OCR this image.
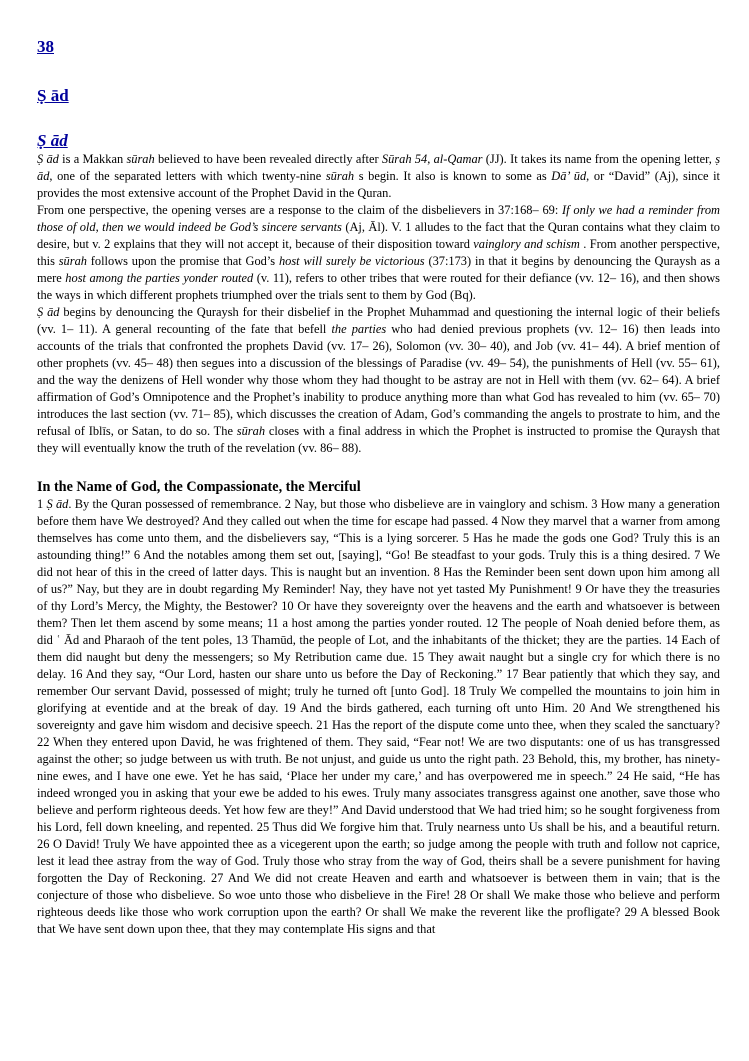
38
Ṣ ād
Ṣ ād

Ṣ ād is a Makkan sūrah believed to have been revealed directly after Sūrah 54, al-Qamar (JJ). It takes its name from the opening letter, ṣ ād, one of the separated letters with which twenty-nine sūrah s begin. It also is known to some as Dā’ ūd, or “David” (Aj), since it provides the most extensive account of the Prophet David in the Quran.

From one perspective, the opening verses are a response to the claim of the disbelievers in 37:168– 69: If only we had a reminder from those of old, then we would indeed be God’s sincere servants (Aj, Āl). V. 1 alludes to the fact that the Quran contains what they claim to desire, but v. 2 explains that they will not accept it, because of their disposition toward vainglory and schism . From another perspective, this sūrah follows upon the promise that God’s host will surely be victorious (37:173) in that it begins by denouncing the Quraysh as a mere host among the parties yonder routed (v. 11), refers to other tribes that were routed for their defiance (vv. 12– 16), and then shows the ways in which different prophets triumphed over the trials sent to them by God (Bq).

Ṣ ād begins by denouncing the Quraysh for their disbelief in the Prophet Muhammad and questioning the internal logic of their beliefs (vv. 1– 11). A general recounting of the fate that befell the parties who had denied previous prophets (vv. 12– 16) then leads into accounts of the trials that confronted the prophets David (vv. 17– 26), Solomon (vv. 30– 40), and Job (vv. 41– 44). A brief mention of other prophets (vv. 45– 48) then segues into a discussion of the blessings of Paradise (vv. 49– 54), the punishments of Hell (vv. 55– 61), and the way the denizens of Hell wonder why those whom they had thought to be astray are not in Hell with them (vv. 62– 64). A brief affirmation of God’s Omnipotence and the Prophet’s inability to produce anything more than what God has revealed to him (vv. 65– 70) introduces the last section (vv. 71– 85), which discusses the creation of Adam, God’s commanding the angels to prostrate to him, and the refusal of Iblīs, or Satan, to do so. The sūrah closes with a final address in which the Prophet is instructed to promise the Quraysh that they will eventually know the truth of the revelation (vv. 86– 88).

In the Name of God, the Compassionate, the Merciful

1 Ṣ ād. By the Quran possessed of remembrance. 2 Nay, but those who disbelieve are in vainglory and schism. 3 How many a generation before them have We destroyed? And they called out when the time for escape had passed. 4 Now they marvel that a warner from among themselves has come unto them, and the disbelievers say, “This is a lying sorcerer. 5 Has he made the gods one God? Truly this is an astounding thing!” 6 And the notables among them set out, [saying], “Go! Be steadfast to your gods. Truly this is a thing desired. 7 We did not hear of this in the creed of latter days. This is naught but an invention. 8 Has the Reminder been sent down upon him among all of us?” Nay, but they are in doubt regarding My Reminder! Nay, they have not yet tasted My Punishment! 9 Or have they the treasuries of thy Lord’s Mercy, the Mighty, the Bestower? 10 Or have they sovereignty over the heavens and the earth and whatsoever is between them? Then let them ascend by some means; 11 a host among the parties yonder routed. 12 The people of Noah denied before them, as did ʿ Ād and Pharaoh of the tent poles, 13 Thamūd, the people of Lot, and the inhabitants of the thicket; they are the parties. 14 Each of them did naught but deny the messengers; so My Retribution came due. 15 They await naught but a single cry for which there is no delay. 16 And they say, “Our Lord, hasten our share unto us before the Day of Reckoning.” 17 Bear patiently that which they say, and remember Our servant David, possessed of might; truly he turned oft [unto God]. 18 Truly We compelled the mountains to join him in glorifying at eventide and at the break of day. 19 And the birds gathered, each turning oft unto Him. 20 And We strengthened his sovereignty and gave him wisdom and decisive speech. 21 Has the report of the dispute come unto thee, when they scaled the sanctuary? 22 When they entered upon David, he was frightened of them. They said, “Fear not! We are two disputants: one of us has transgressed against the other; so judge between us with truth. Be not unjust, and guide us unto the right path. 23 Behold, this, my brother, has ninety-nine ewes, and I have one ewe. Yet he has said, ‘Place her under my care,’ and has overpowered me in speech.” 24 He said, “He has indeed wronged you in asking that your ewe be added to his ewes. Truly many associates transgress against one another, save those who believe and perform righteous deeds. Yet how few are they!” And David understood that We had tried him; so he sought forgiveness from his Lord, fell down kneeling, and repented. 25 Thus did We forgive him that. Truly nearness unto Us shall be his, and a beautiful return. 26 O David! Truly We have appointed thee as a vicegerent upon the earth; so judge among the people with truth and follow not caprice, lest it lead thee astray from the way of God. Truly those who stray from the way of God, theirs shall be a severe punishment for having forgotten the Day of Reckoning. 27 And We did not create Heaven and earth and whatsoever is between them in vain; that is the conjecture of those who disbelieve. So woe unto those who disbelieve in the Fire! 28 Or shall We make those who believe and perform righteous deeds like those who work corruption upon the earth? Or shall We make the reverent like the profligate? 29 A blessed Book that We have sent down upon thee, that they may contemplate His signs and that
